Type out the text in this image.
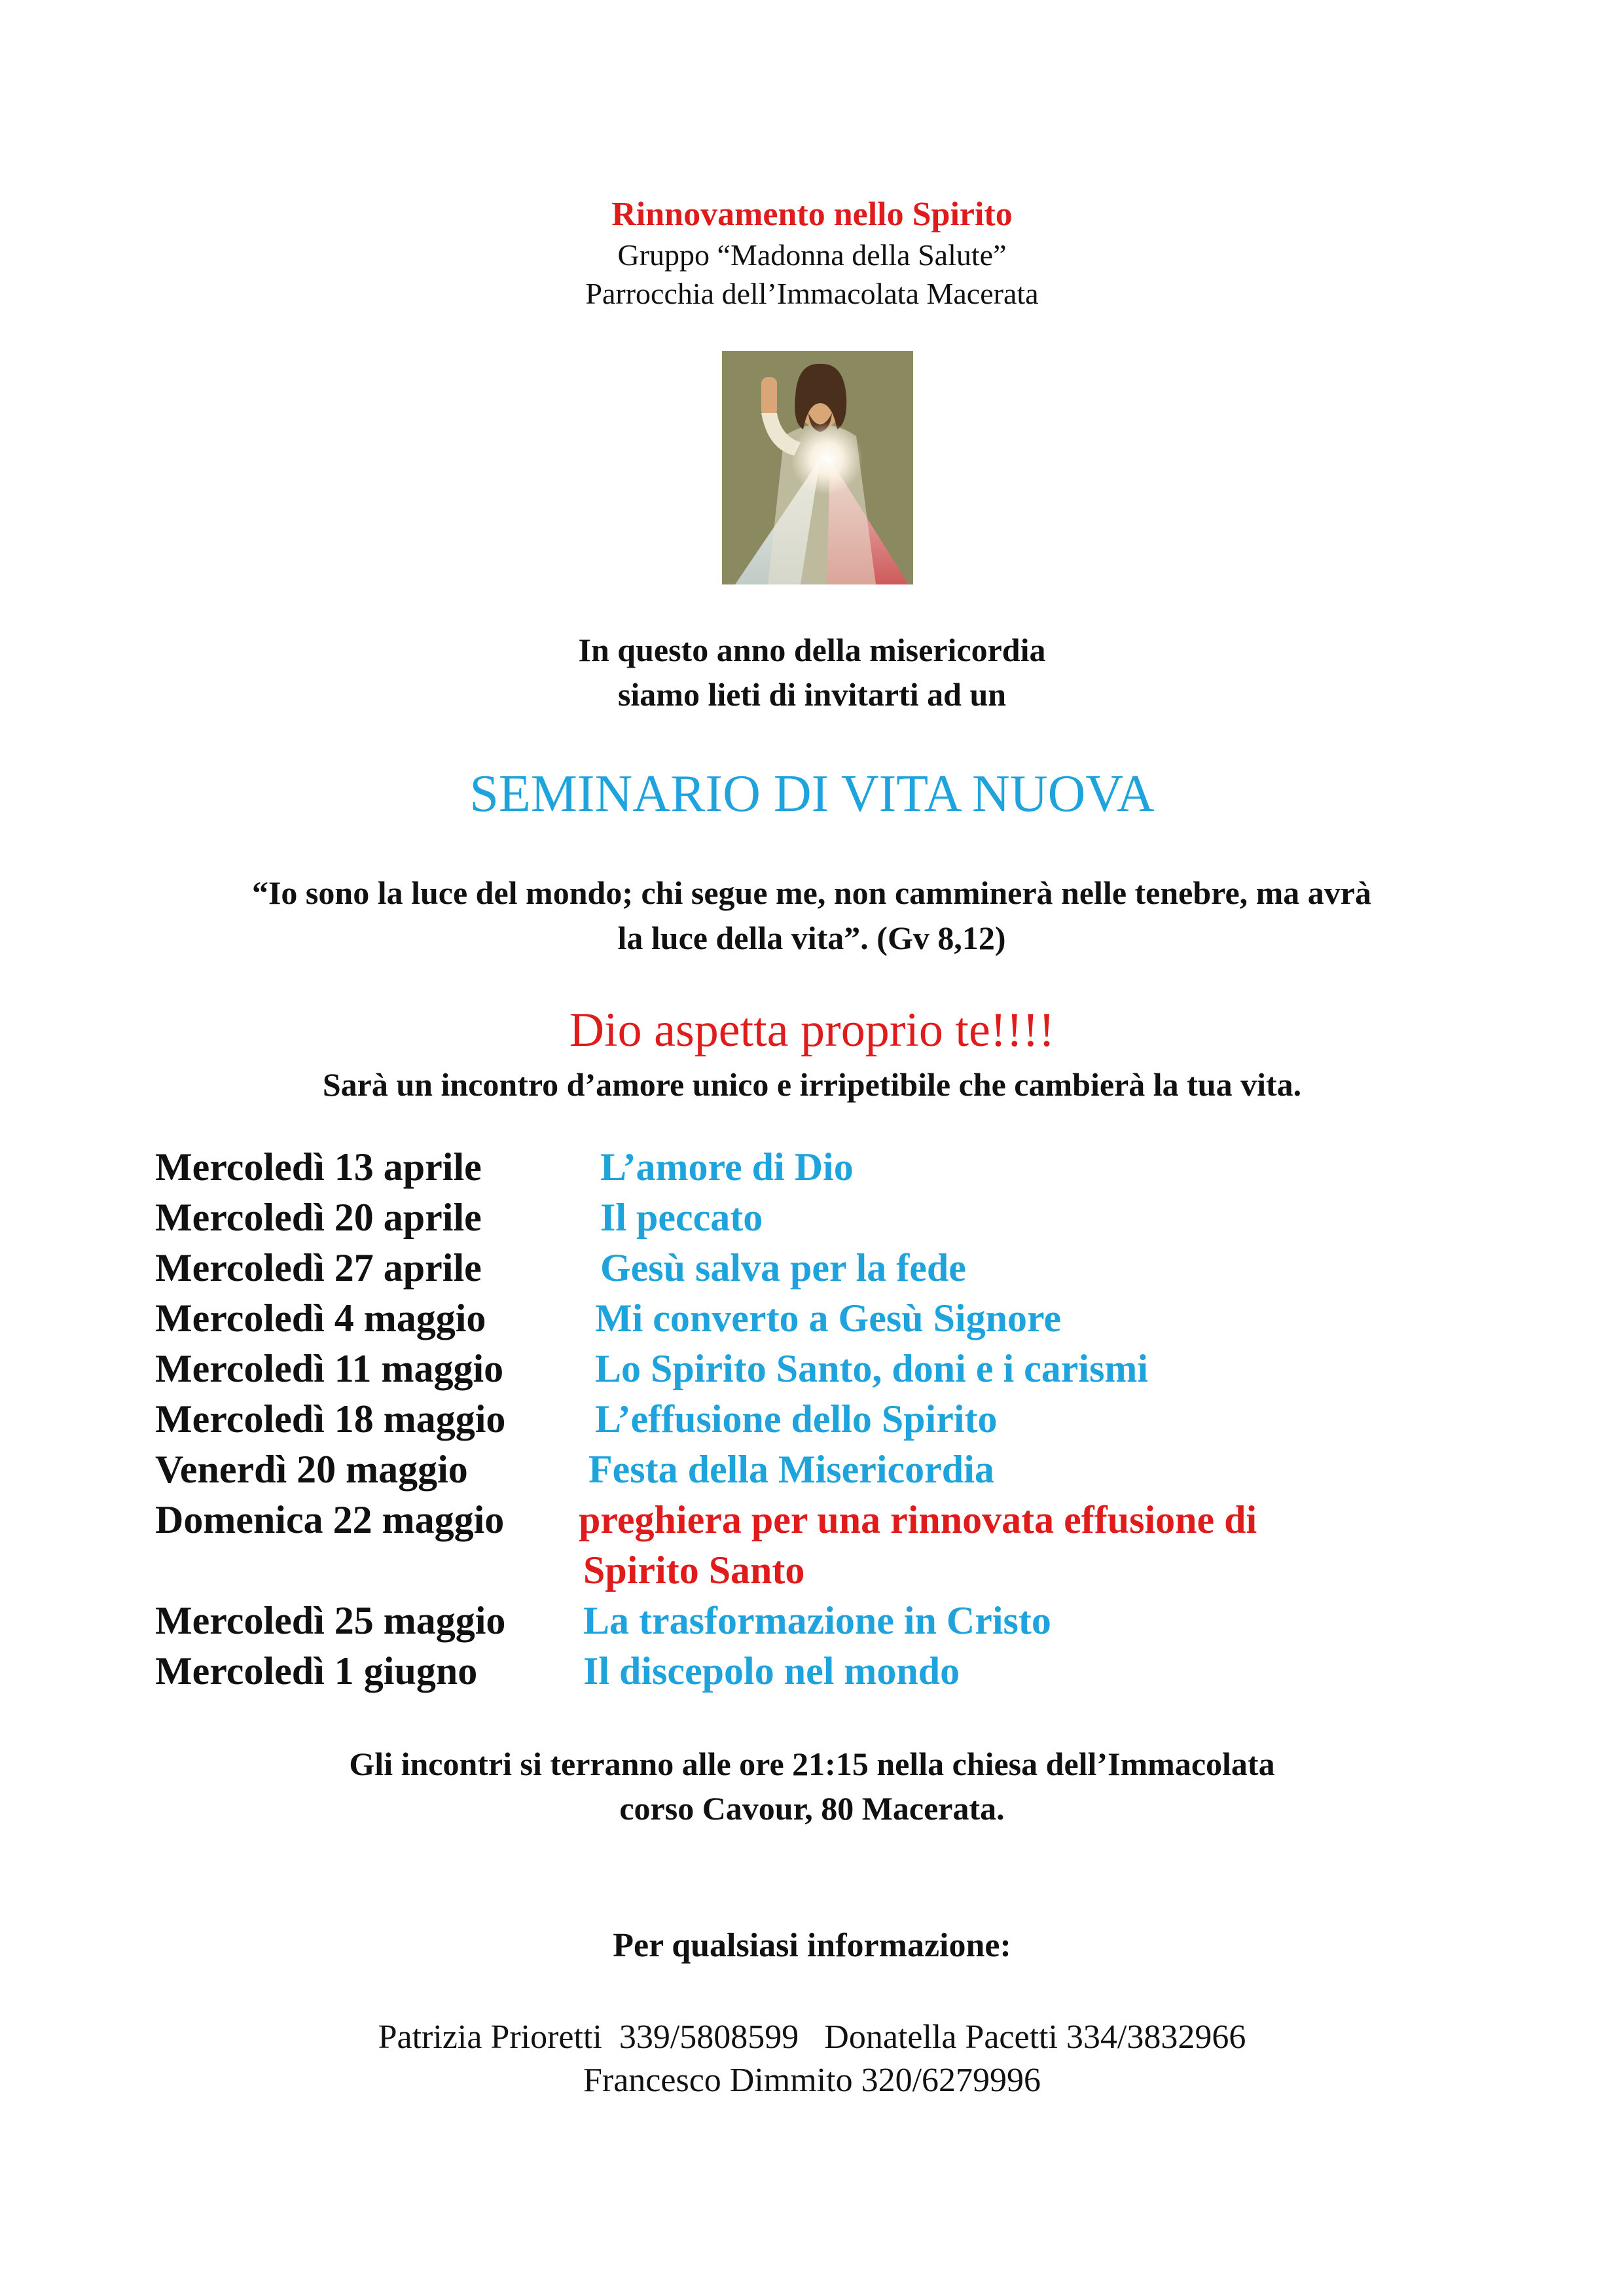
Rinnovamento nello Spirito
Gruppo “Madonna della Salute”
Parrocchia dell’Immacolata Macerata
In questo anno della misericordia
siamo lieti di invitarti ad un
SEMINARIO DI VITA NUOVA
“Io sono la luce del mondo; chi segue me, non camminerà nelle tenebre, ma avrà
la luce della vita”. (Gv 8,12)
Dio aspetta proprio te!!!!
Sarà un incontro d’amore unico e irripetibile che cambierà la tua vita.
Mercoledì 13 aprile	L’amore di Dio
Mercoledì 20 aprile	Il peccato
Mercoledì 27 aprile	Gesù salva per la fede
Mercoledì 4 maggio	Mi converto a Gesù Signore
Mercoledì 11 maggio	Lo Spirito Santo, doni e i carismi
Mercoledì 18 maggio	L’effusione dello Spirito
Venerdì 20 maggio	Festa della Misericordia
Domenica 22 maggio	preghiera per una rinnovata effusione di
Spirito Santo
Mercoledì 25 maggio	La trasformazione in Cristo
Mercoledì 1 giugno	Il discepolo nel mondo
Gli incontri si terranno alle ore 21:15 nella chiesa dell’Immacolata
corso Cavour, 80 Macerata.
Per qualsiasi informazione:
Patrizia Prioretti  339/5808599   Donatella Pacetti 334/3832966
Francesco Dimmito 320/6279996
